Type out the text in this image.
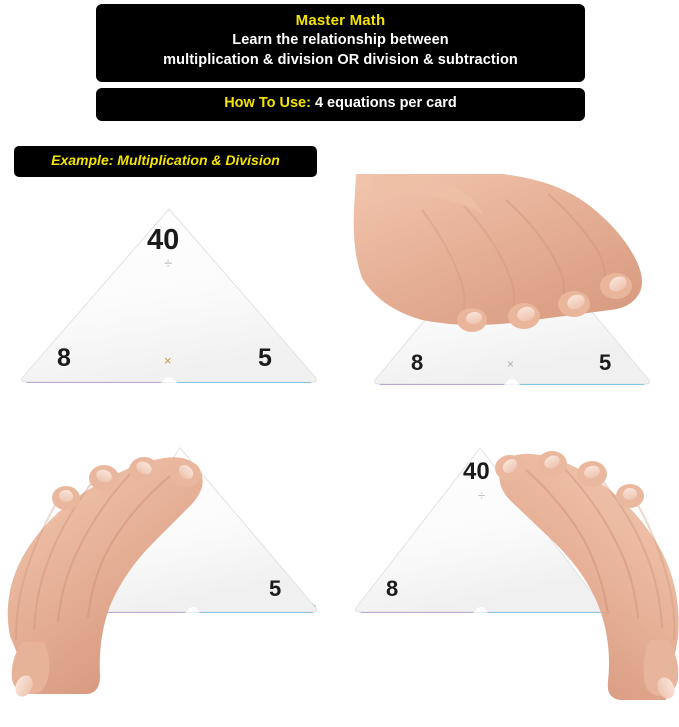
Master Math
Learn the relationship between
multiplication & division OR division & subtraction
How To Use: 4 equations per card
Example: Multiplication & Division
40
÷
8	×	5	8	×	5
5
40
÷
8
